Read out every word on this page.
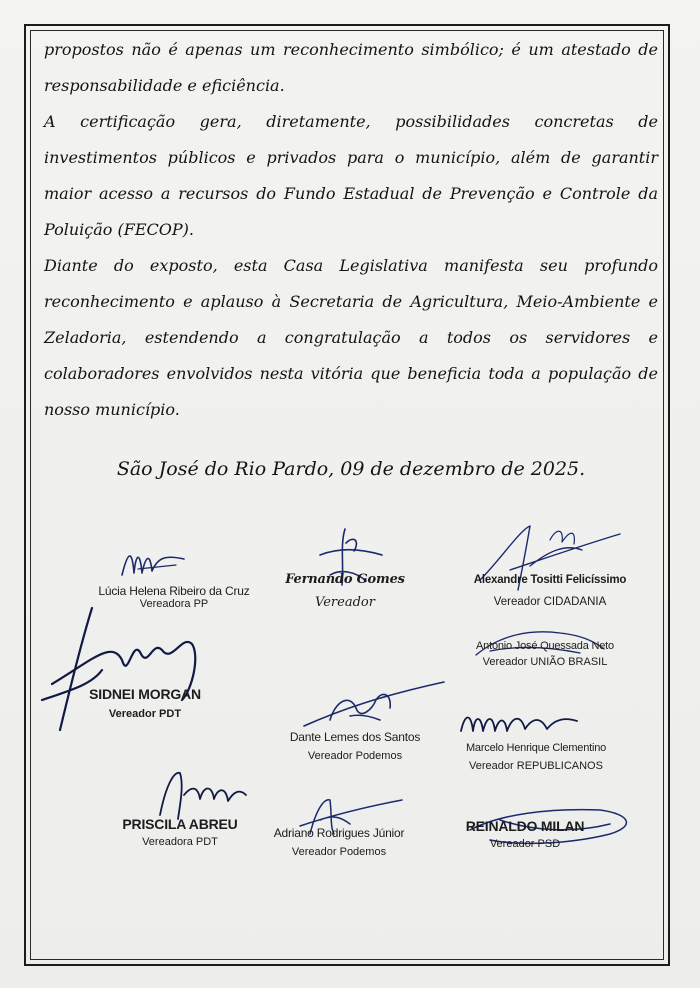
propostos não é apenas um reconhecimento simbólico; é um atestado de responsabilidade e eficiência.

A certificação gera, diretamente, possibilidades concretas de investimentos públicos e privados para o município, além de garantir maior acesso a recursos do Fundo Estadual de Prevenção e Controle da Poluição (FECOP).

Diante do exposto, esta Casa Legislativa manifesta seu profundo reconhecimento e aplauso à Secretaria de Agricultura, Meio-Ambiente e Zeladoria, estendendo a congratulação a todos os servidores e colaboradores envolvidos nesta vitória que beneficia toda a população de nosso município.

São José do Rio Pardo, 09 de dezembro de 2025.

Lúcia Helena Ribeiro da Cruz
Vereadora PP
Fernando Gomes
Vereador
Alexandre Tositti Felicíssimo
Vereador CIDADANIA
Antonio José Quessada Neto
Vereador UNIÃO BRASIL
SIDNEI MORGAN
Vereador PDT
Dante Lemes dos Santos
Vereador Podemos
Marcelo Henrique Clementino
Vereador REPUBLICANOS
PRISCILA ABREU
Vereadora PDT
Adriano Rodrigues Júnior
Vereador Podemos
REINALDO MILAN
Vereador PSD
